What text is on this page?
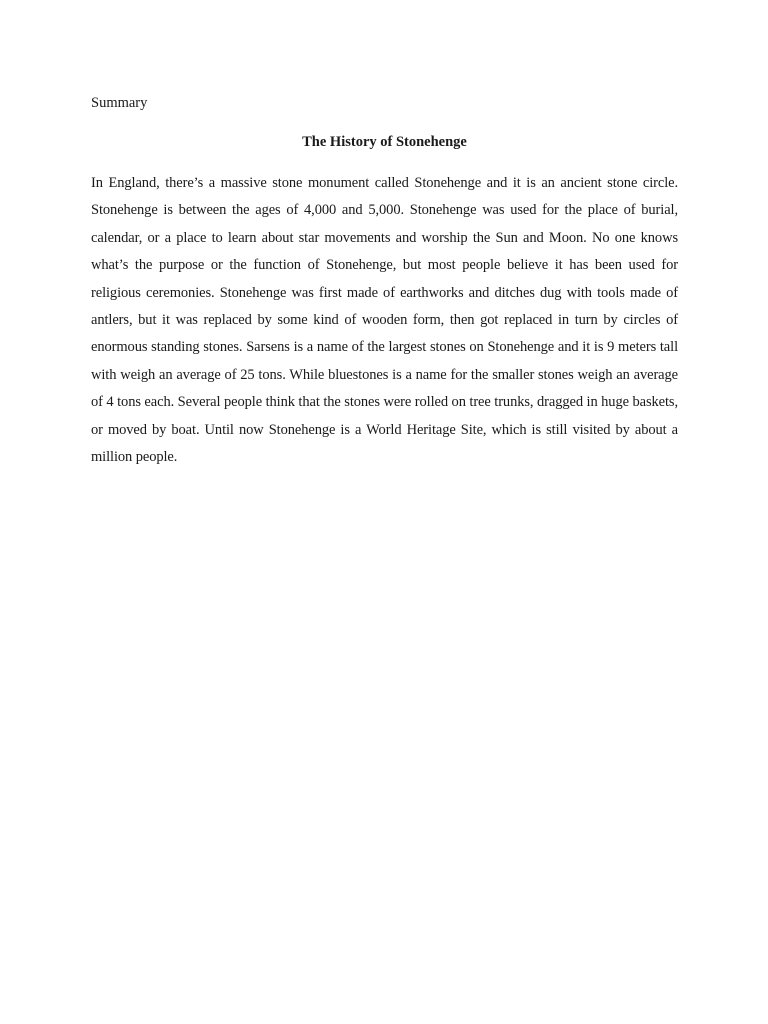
Summary

The History of Stonehenge

In England, there’s a massive stone monument called Stonehenge and it is an ancient stone circle. Stonehenge is between the ages of 4,000 and 5,000. Stonehenge was used for the place of burial, calendar, or a place to learn about star movements and worship the Sun and Moon. No one knows what’s the purpose or the function of Stonehenge, but most people believe it has been used for religious ceremonies. Stonehenge was first made of earthworks and ditches dug with tools made of antlers, but it was replaced by some kind of wooden form, then got replaced in turn by circles of enormous standing stones. Sarsens is a name of the largest stones on Stonehenge and it is 9 meters tall with weigh an average of 25 tons. While bluestones is a name for the smaller stones weigh an average of 4 tons each. Several people think that the stones were rolled on tree trunks, dragged in huge baskets, or moved by boat. Until now Stonehenge is a World Heritage Site, which is still visited by about a million people.
